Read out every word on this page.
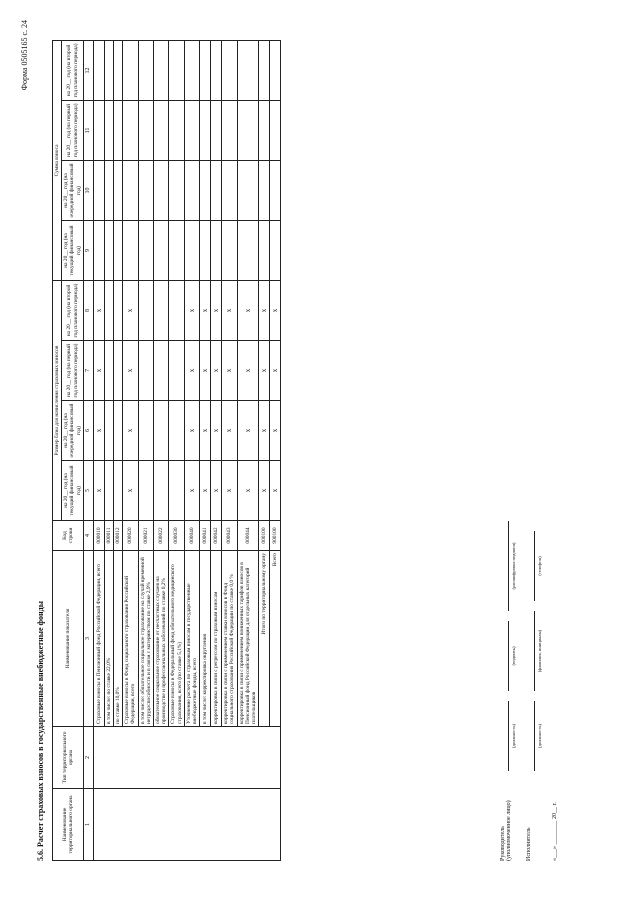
Форма 0505165 с. 24
5.6. Расчет страховых взносов в государственные внебюджетные фонды	Наименование территориального органа	Тип территориального органа	Наименование показателя	Код строки	Размер базы для начисления страховых взносов				Сумма взноса			
				на 20__ год (на текущий финансовый год)	на 20__ год (на очередной финансовый год)	на 20__ год (на первый год планового периода)	на 20__ год (на второй год планового периода)	на 20__ год (на текущий финансовый год)	на 20__ год (на очередной финансовый год)	на 20__ год (на первый год планового периода)	на 20__ год (на второй год планового периода)
1	2	3	4	5	6	7	8	9	10	11	12
		Страховые взносы в Пенсионный фонд Российской Федерации, всего	000010	x	x	x	x				
		в том числе: по ставке 22,0%	000011								
		по ставке 10,0%	000012								
		Страховые взносы в Фонд социального страхования Российской Федерации, всего	000020	x	x	x	x				
		в том числе: обязательное социальное страхование на случай временной нетрудоспособности и в связи с материнством по ставке 2,9%	000021								
		обязательное социальное страхование от несчастных случаев на производстве и профессиональных заболеваний по ставке 0,2%	000022								
		Страховые взносы в Федеральный фонд обязательного медицинского страхования, всего (по ставке 5,1%)	000030								
		Уточнение расчета по страховым взносам в государственные внебюджетные фонды, всего	000040	x	x	x	x				
		в том числе: корректировка округления	000041	x	x	x	x				
		корректировка в связи с регрессом по страховым взносам	000042	x	x	x	x				
		корректировка в связи с применением ставки взносов в Фонд социального страхования Российской Федерации по ставке 0,0 %	000043	x	x	x	x				
		корректировка в связи с применением пониженных тарифов взносов в Пенсионный фонд Российской Федерации для отдельных категорий плательщиков	000044	x	x	x	x				
		Итого по территориальному органу	000100	x	x	x	x				
		Всего	900100	x	x	x	x				
Руководитель (уполномоченное лицо)
(должность)
(подпись)
(расшифровка подписи)
Исполнитель
(должность)
(фамилия, инициалы)
(телефон)
«___» ________ 20__ г.
